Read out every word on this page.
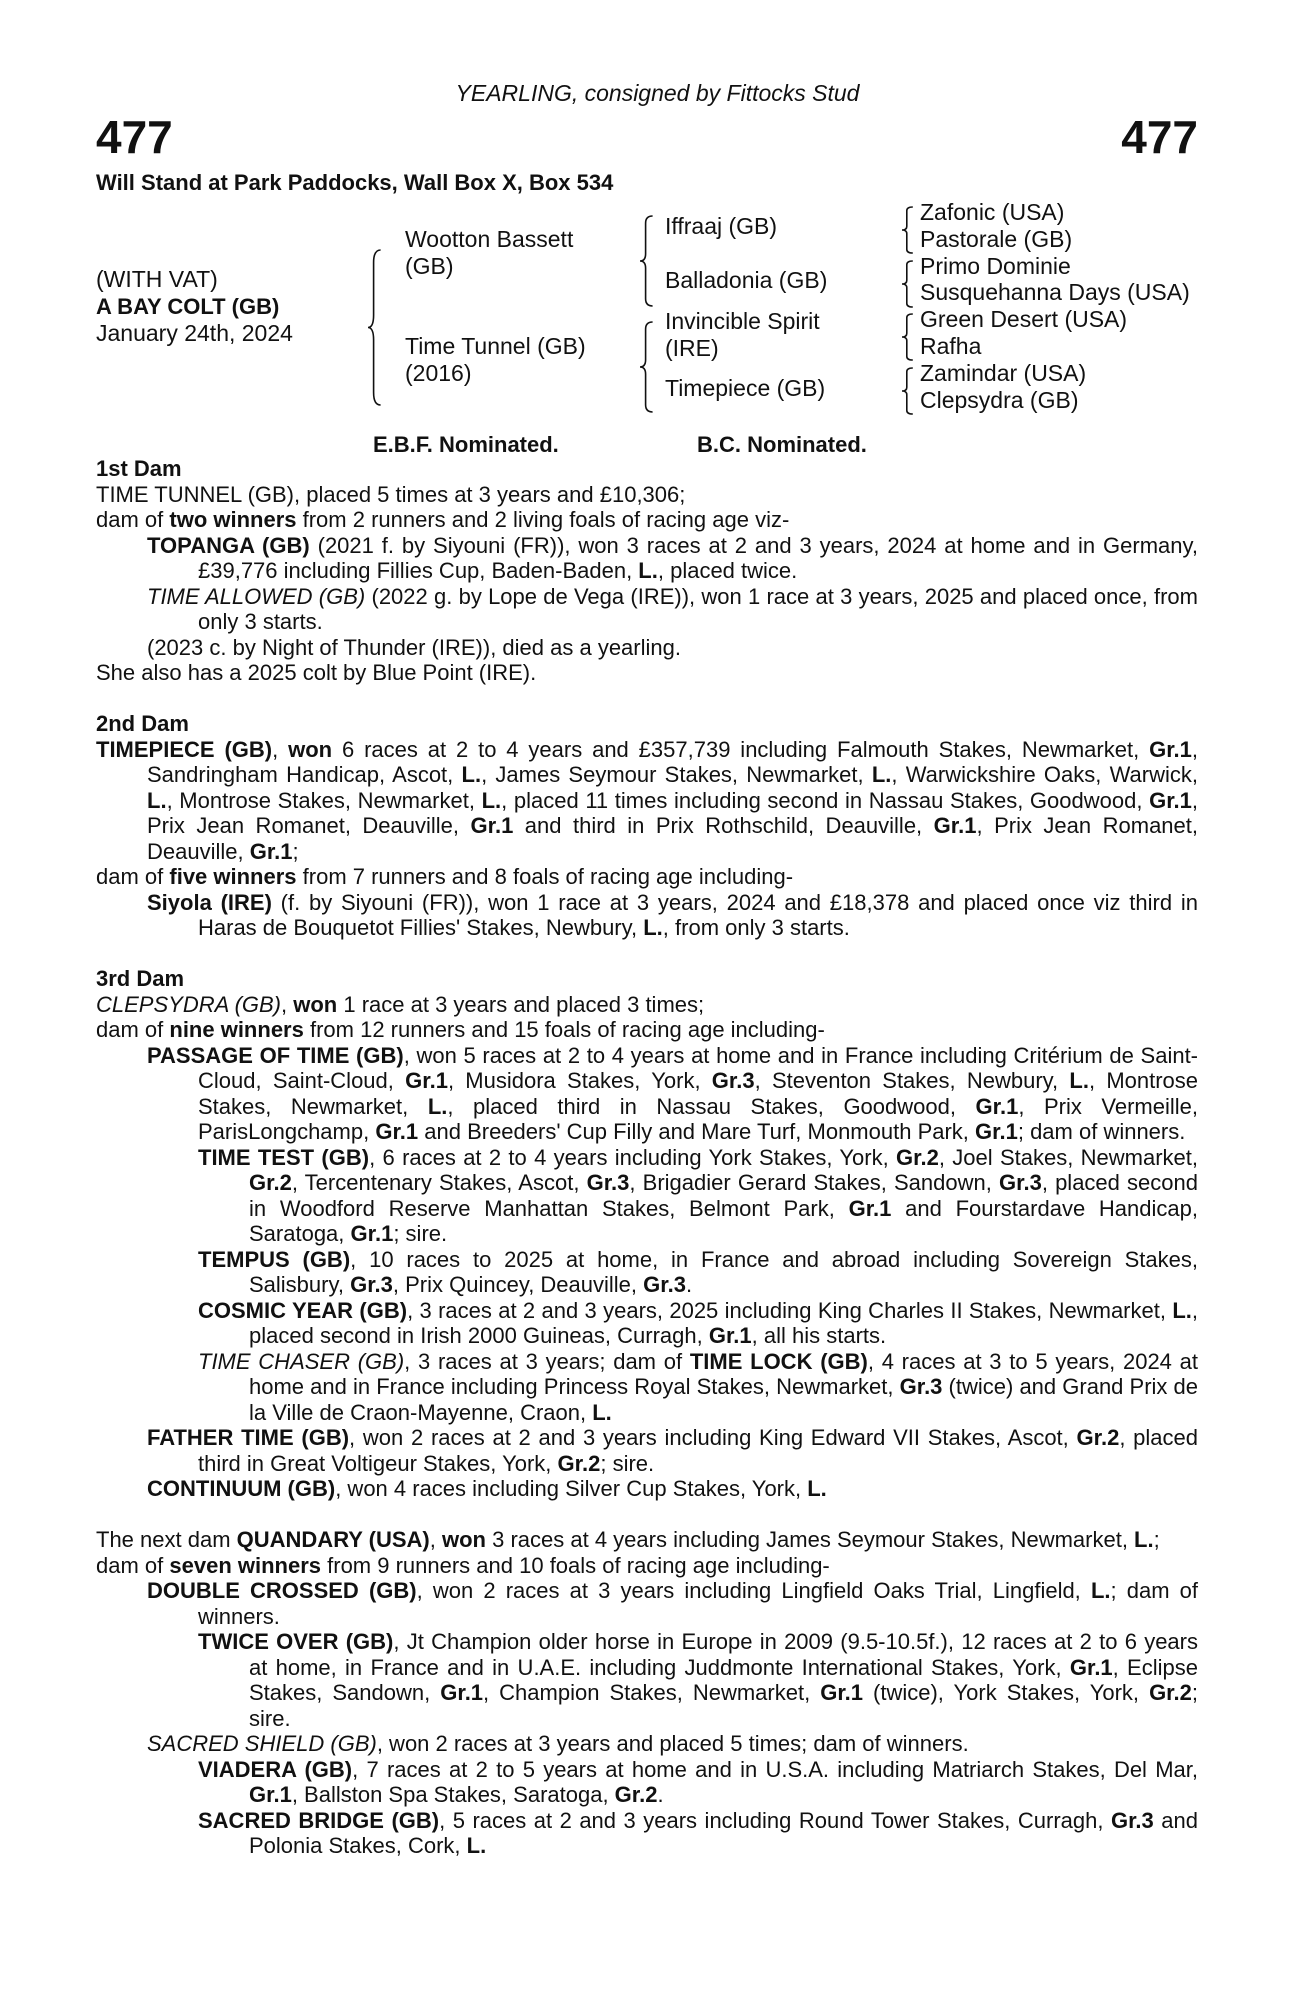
YEARLING, consigned by Fittocks Stud
477	477
Will Stand at Park Paddocks, Wall Box X, Box 534
(WITH VAT)
A BAY COLT (GB)
January 24th, 2024
Wootton Bassett
(GB)
Time Tunnel (GB)
(2016)
Iffraaj (GB)
Balladonia (GB)
Invincible Spirit
(IRE)
Timepiece (GB)
Zafonic (USA)
Pastorale (GB)
Primo Dominie
Susquehanna Days (USA)
Green Desert (USA)
Rafha
Zamindar (USA)
Clepsydra (GB)
E.B.F. Nominated.	B.C. Nominated.
1st Dam
TIME TUNNEL (GB), placed 5 times at 3 years and £10,306;
dam of two winners from 2 runners and 2 living foals of racing age viz-
TOPANGA (GB) (2021 f. by Siyouni (FR)), won 3 races at 2 and 3 years, 2024 at home and in Germany, £39,776 including Fillies Cup, Baden-Baden, L., placed twice.
TIME ALLOWED (GB) (2022 g. by Lope de Vega (IRE)), won 1 race at 3 years, 2025 and placed once, from only 3 starts.
(2023 c. by Night of Thunder (IRE)), died as a yearling.
She also has a 2025 colt by Blue Point (IRE).
2nd Dam
TIMEPIECE (GB), won 6 races at 2 to 4 years and £357,739 including Falmouth Stakes, Newmarket, Gr.1, Sandringham Handicap, Ascot, L., James Seymour Stakes, Newmarket, L., Warwickshire Oaks, Warwick, L., Montrose Stakes, Newmarket, L., placed 11 times including second in Nassau Stakes, Goodwood, Gr.1, Prix Jean Romanet, Deauville, Gr.1 and third in Prix Rothschild, Deauville, Gr.1, Prix Jean Romanet, Deauville, Gr.1;
dam of five winners from 7 runners and 8 foals of racing age including-
Siyola (IRE) (f. by Siyouni (FR)), won 1 race at 3 years, 2024 and £18,378 and placed once viz third in Haras de Bouquetot Fillies' Stakes, Newbury, L., from only 3 starts.
3rd Dam
CLEPSYDRA (GB), won 1 race at 3 years and placed 3 times;
dam of nine winners from 12 runners and 15 foals of racing age including-
PASSAGE OF TIME (GB), won 5 races at 2 to 4 years at home and in France including Critérium de Saint-Cloud, Saint-Cloud, Gr.1, Musidora Stakes, York, Gr.3, Steventon Stakes, Newbury, L., Montrose Stakes, Newmarket, L., placed third in Nassau Stakes, Goodwood, Gr.1, Prix Vermeille, ParisLongchamp, Gr.1 and Breeders' Cup Filly and Mare Turf, Monmouth Park, Gr.1; dam of winners.
TIME TEST (GB), 6 races at 2 to 4 years including York Stakes, York, Gr.2, Joel Stakes, Newmarket, Gr.2, Tercentenary Stakes, Ascot, Gr.3, Brigadier Gerard Stakes, Sandown, Gr.3, placed second in Woodford Reserve Manhattan Stakes, Belmont Park, Gr.1 and Fourstardave Handicap, Saratoga, Gr.1; sire.
TEMPUS (GB), 10 races to 2025 at home, in France and abroad including Sovereign Stakes, Salisbury, Gr.3, Prix Quincey, Deauville, Gr.3.
COSMIC YEAR (GB), 3 races at 2 and 3 years, 2025 including King Charles II Stakes, Newmarket, L., placed second in Irish 2000 Guineas, Curragh, Gr.1, all his starts.
TIME CHASER (GB), 3 races at 3 years; dam of TIME LOCK (GB), 4 races at 3 to 5 years, 2024 at home and in France including Princess Royal Stakes, Newmarket, Gr.3 (twice) and Grand Prix de la Ville de Craon-Mayenne, Craon, L.
FATHER TIME (GB), won 2 races at 2 and 3 years including King Edward VII Stakes, Ascot, Gr.2, placed third in Great Voltigeur Stakes, York, Gr.2; sire.
CONTINUUM (GB), won 4 races including Silver Cup Stakes, York, L.
The next dam QUANDARY (USA), won 3 races at 4 years including James Seymour Stakes, Newmarket, L.;
dam of seven winners from 9 runners and 10 foals of racing age including-
DOUBLE CROSSED (GB), won 2 races at 3 years including Lingfield Oaks Trial, Lingfield, L.; dam of winners.
TWICE OVER (GB), Jt Champion older horse in Europe in 2009 (9.5-10.5f.), 12 races at 2 to 6 years at home, in France and in U.A.E. including Juddmonte International Stakes, York, Gr.1, Eclipse Stakes, Sandown, Gr.1, Champion Stakes, Newmarket, Gr.1 (twice), York Stakes, York, Gr.2; sire.
SACRED SHIELD (GB), won 2 races at 3 years and placed 5 times; dam of winners.
VIADERA (GB), 7 races at 2 to 5 years at home and in U.S.A. including Matriarch Stakes, Del Mar, Gr.1, Ballston Spa Stakes, Saratoga, Gr.2.
SACRED BRIDGE (GB), 5 races at 2 and 3 years including Round Tower Stakes, Curragh, Gr.3 and Polonia Stakes, Cork, L.
